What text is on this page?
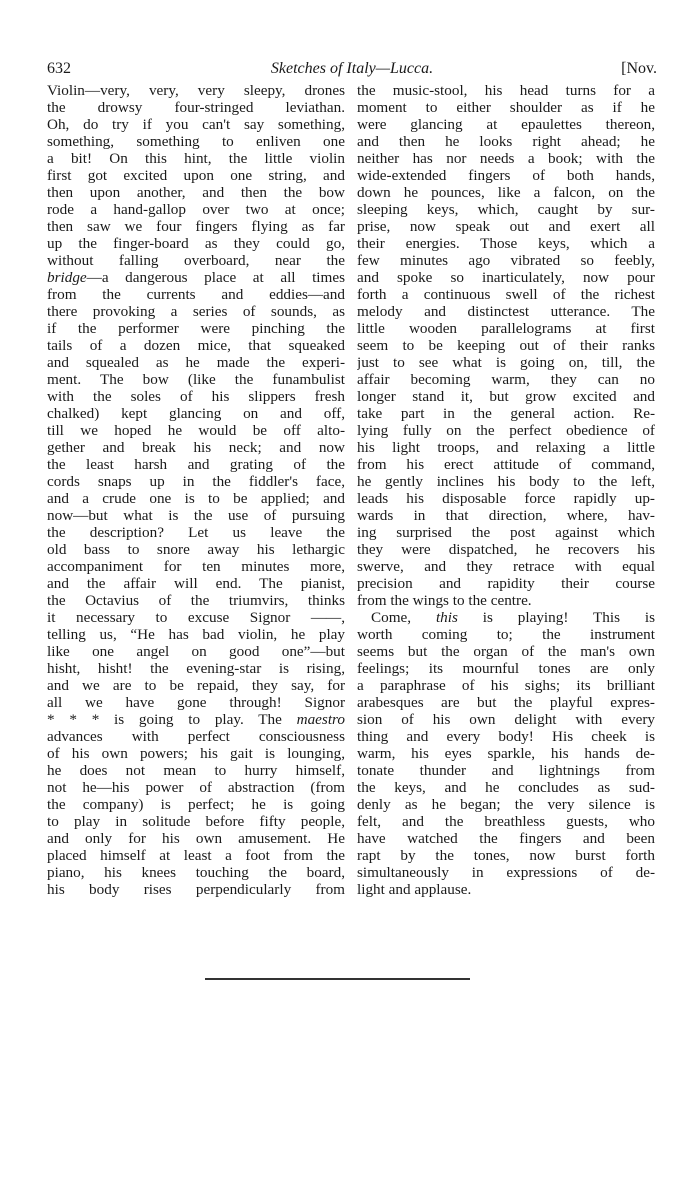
632	Sketches of Italy—Lucca.	[Nov.
Violin—very, very, very sleepy, drones
the drowsy four-stringed leviathan.
Oh, do try if you can't say something,
something, something to enliven one
a bit! On this hint, the little violin
first got excited upon one string, and
then upon another, and then the bow
rode a hand-gallop over two at once;
then saw we four fingers flying as far
up the finger-board as they could go,
without falling overboard, near the
bridge—a dangerous place at all times
from the currents and eddies—and
there provoking a series of sounds, as
if the performer were pinching the
tails of a dozen mice, that squeaked
and squealed as he made the experi-
ment. The bow (like the funambulist
with the soles of his slippers fresh
chalked) kept glancing on and off,
till we hoped he would be off alto-
gether and break his neck; and now
the least harsh and grating of the
cords snaps up in the fiddler's face,
and a crude one is to be applied; and
now—but what is the use of pursuing
the description? Let us leave the
old bass to snore away his lethargic
accompaniment for ten minutes more,
and the affair will end. The pianist,
the Octavius of the triumvirs, thinks
it necessary to excuse Signor ——,
telling us, “He has bad violin, he play
like one angel on good one”—but
hisht, hisht! the evening-star is rising,
and we are to be repaid, they say, for
all we have gone through! Signor
* * * is going to play. The maestro
advances with perfect consciousness
of his own powers; his gait is lounging,
he does not mean to hurry himself,
not he—his power of abstraction (from
the company) is perfect; he is going
to play in solitude before fifty people,
and only for his own amusement. He
placed himself at least a foot from the
piano, his knees touching the board,
his body rises perpendicularly from
the music-stool, his head turns for a
moment to either shoulder as if he
were glancing at epaulettes thereon,
and then he looks right ahead; he
neither has nor needs a book; with the
wide-extended fingers of both hands,
down he pounces, like a falcon, on the
sleeping keys, which, caught by sur-
prise, now speak out and exert all
their energies. Those keys, which a
few minutes ago vibrated so feebly,
and spoke so inarticulately, now pour
forth a continuous swell of the richest
melody and distinctest utterance. The
little wooden parallelograms at first
seem to be keeping out of their ranks
just to see what is going on, till, the
affair becoming warm, they can no
longer stand it, but grow excited and
take part in the general action. Re-
lying fully on the perfect obedience of
his light troops, and relaxing a little
from his erect attitude of command,
he gently inclines his body to the left,
leads his disposable force rapidly up-
wards in that direction, where, hav-
ing surprised the post against which
they were dispatched, he recovers his
swerve, and they retrace with equal
precision and rapidity their course
from the wings to the centre.
Come, this is playing! This is
worth coming to; the instrument
seems but the organ of the man's own
feelings; its mournful tones are only
a paraphrase of his sighs; its brilliant
arabesques are but the playful expres-
sion of his own delight with every
thing and every body! His cheek is
warm, his eyes sparkle, his hands de-
tonate thunder and lightnings from
the keys, and he concludes as sud-
denly as he began; the very silence is
felt, and the breathless guests, who
have watched the fingers and been
rapt by the tones, now burst forth
simultaneously in expressions of de-
light and applause.
